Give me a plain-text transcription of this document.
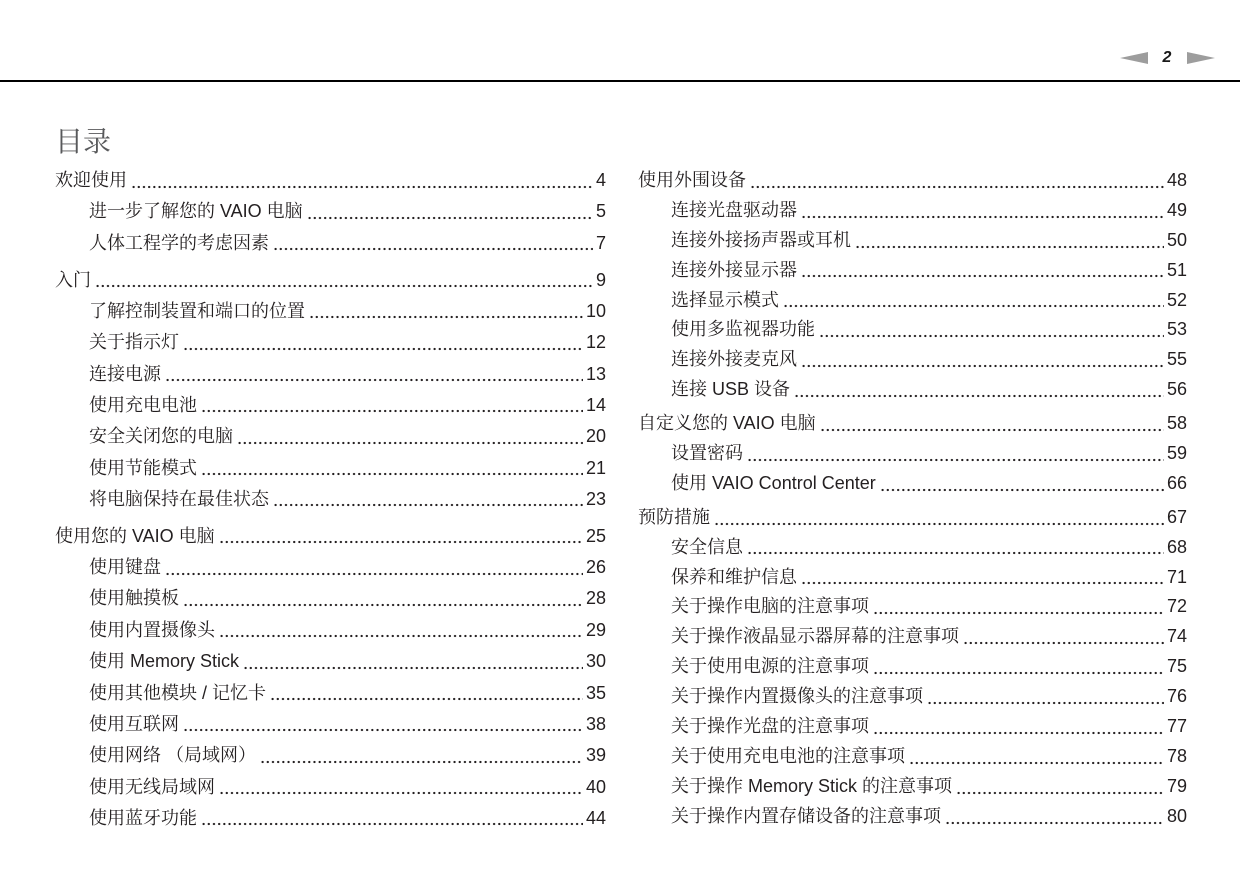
2
目录
欢迎使用	4
进一步了解您的 VAIO 电脑	5
人体工程学的考虑因素	7
入门	9
了解控制装置和端口的位置	10
关于指示灯	12
连接电源	13
使用充电电池	14
安全关闭您的电脑	20
使用节能模式	21
将电脑保持在最佳状态	23
使用您的 VAIO 电脑	25
使用键盘	26
使用触摸板	28
使用内置摄像头	29
使用 Memory Stick	30
使用其他模块 / 记忆卡	35
使用互联网	38
使用网络 （局域网）	39
使用无线局域网	40
使用蓝牙功能	44
使用外围设备	48
连接光盘驱动器	49
连接外接扬声器或耳机	50
连接外接显示器	51
选择显示模式	52
使用多监视器功能	53
连接外接麦克风	55
连接 USB 设备	56
自定义您的 VAIO 电脑	58
设置密码	59
使用 VAIO Control Center	66
预防措施	67
安全信息	68
保养和维护信息	71
关于操作电脑的注意事项	72
关于操作液晶显示器屏幕的注意事项	74
关于使用电源的注意事项	75
关于操作内置摄像头的注意事项	76
关于操作光盘的注意事项	77
关于使用充电电池的注意事项	78
关于操作 Memory Stick 的注意事项	79
关于操作内置存储设备的注意事项	80
